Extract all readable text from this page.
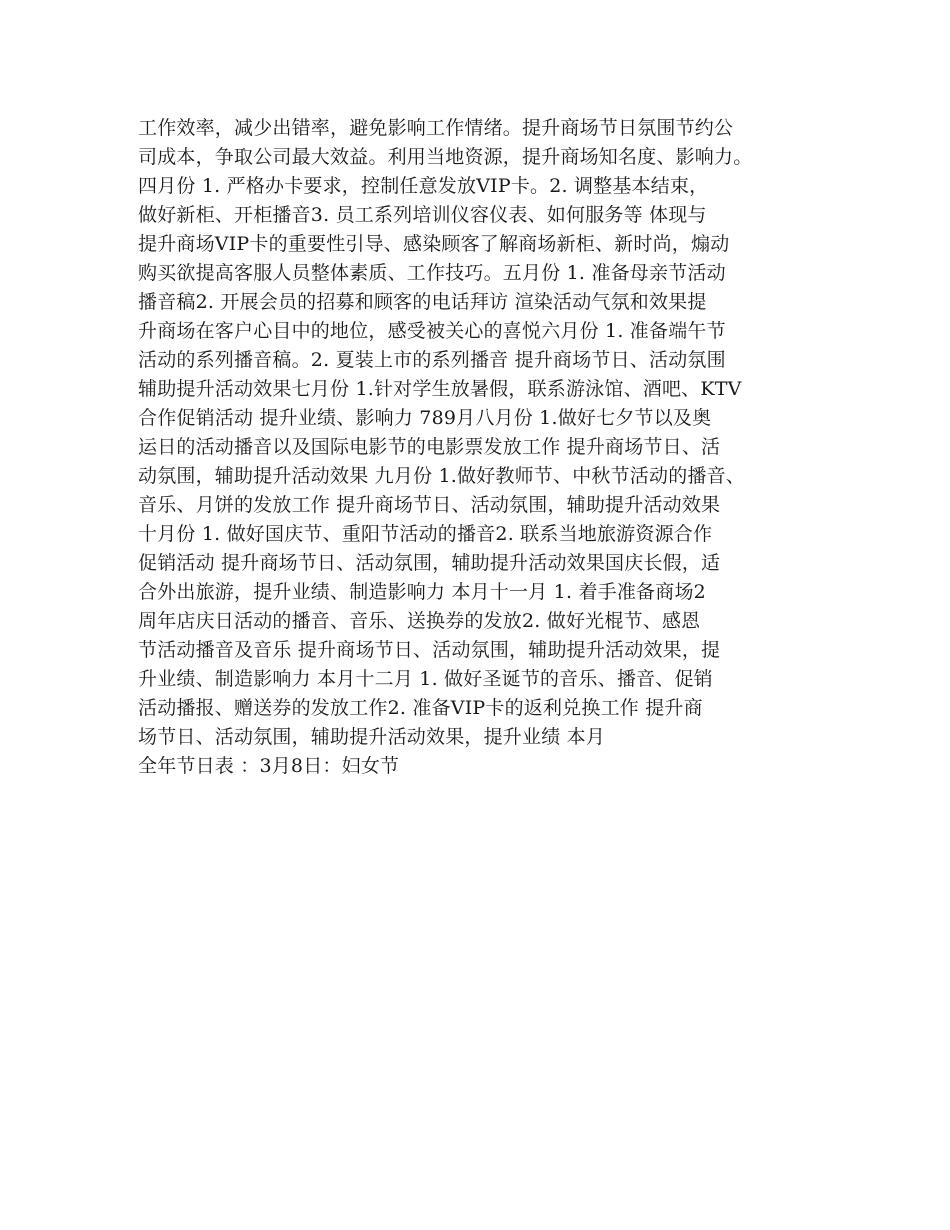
工作效率，减少出错率，避免影响工作情绪。提升商场节日氛围节约公
司成本，争取公司最大效益。利用当地资源，提升商场知名度、影响力。
四月份 1. 严格办卡要求，控制任意发放VIP卡。2. 调整基本结束，
做好新柜、开柜播音3. 员工系列培训仪容仪表、如何服务等 体现与
提升商场VIP卡的重要性引导、感染顾客了解商场新柜、新时尚，煽动
购买欲提高客服人员整体素质、工作技巧。五月份 1. 准备母亲节活动
播音稿2. 开展会员的招募和顾客的电话拜访 渲染活动气氛和效果提
升商场在客户心目中的地位，感受被关心的喜悦六月份 1. 准备端午节
活动的系列播音稿。2. 夏装上市的系列播音 提升商场节日、活动氛围
辅助提升活动效果七月份 1.针对学生放暑假，联系游泳馆、酒吧、KTV
合作促销活动 提升业绩、影响力 789月八月份 1.做好七夕节以及奥
运日的活动播音以及国际电影节的电影票发放工作 提升商场节日、活
动氛围，辅助提升活动效果 九月份 1.做好教师节、中秋节活动的播音、
音乐、月饼的发放工作 提升商场节日、活动氛围，辅助提升活动效果
十月份 1. 做好国庆节、重阳节活动的播音2. 联系当地旅游资源合作
促销活动 提升商场节日、活动氛围，辅助提升活动效果国庆长假，适
合外出旅游，提升业绩、制造影响力 本月十一月 1. 着手准备商场2
周年店庆日活动的播音、音乐、送换券的发放2. 做好光棍节、感恩
节活动播音及音乐 提升商场节日、活动氛围，辅助提升活动效果，提
升业绩、制造影响力 本月十二月 1. 做好圣诞节的音乐、播音、促销
活动播报、赠送券的发放工作2. 准备VIP卡的返利兑换工作 提升商
场节日、活动氛围，辅助提升活动效果，提升业绩 本月
全年节日表 ：3月8日：妇女节
